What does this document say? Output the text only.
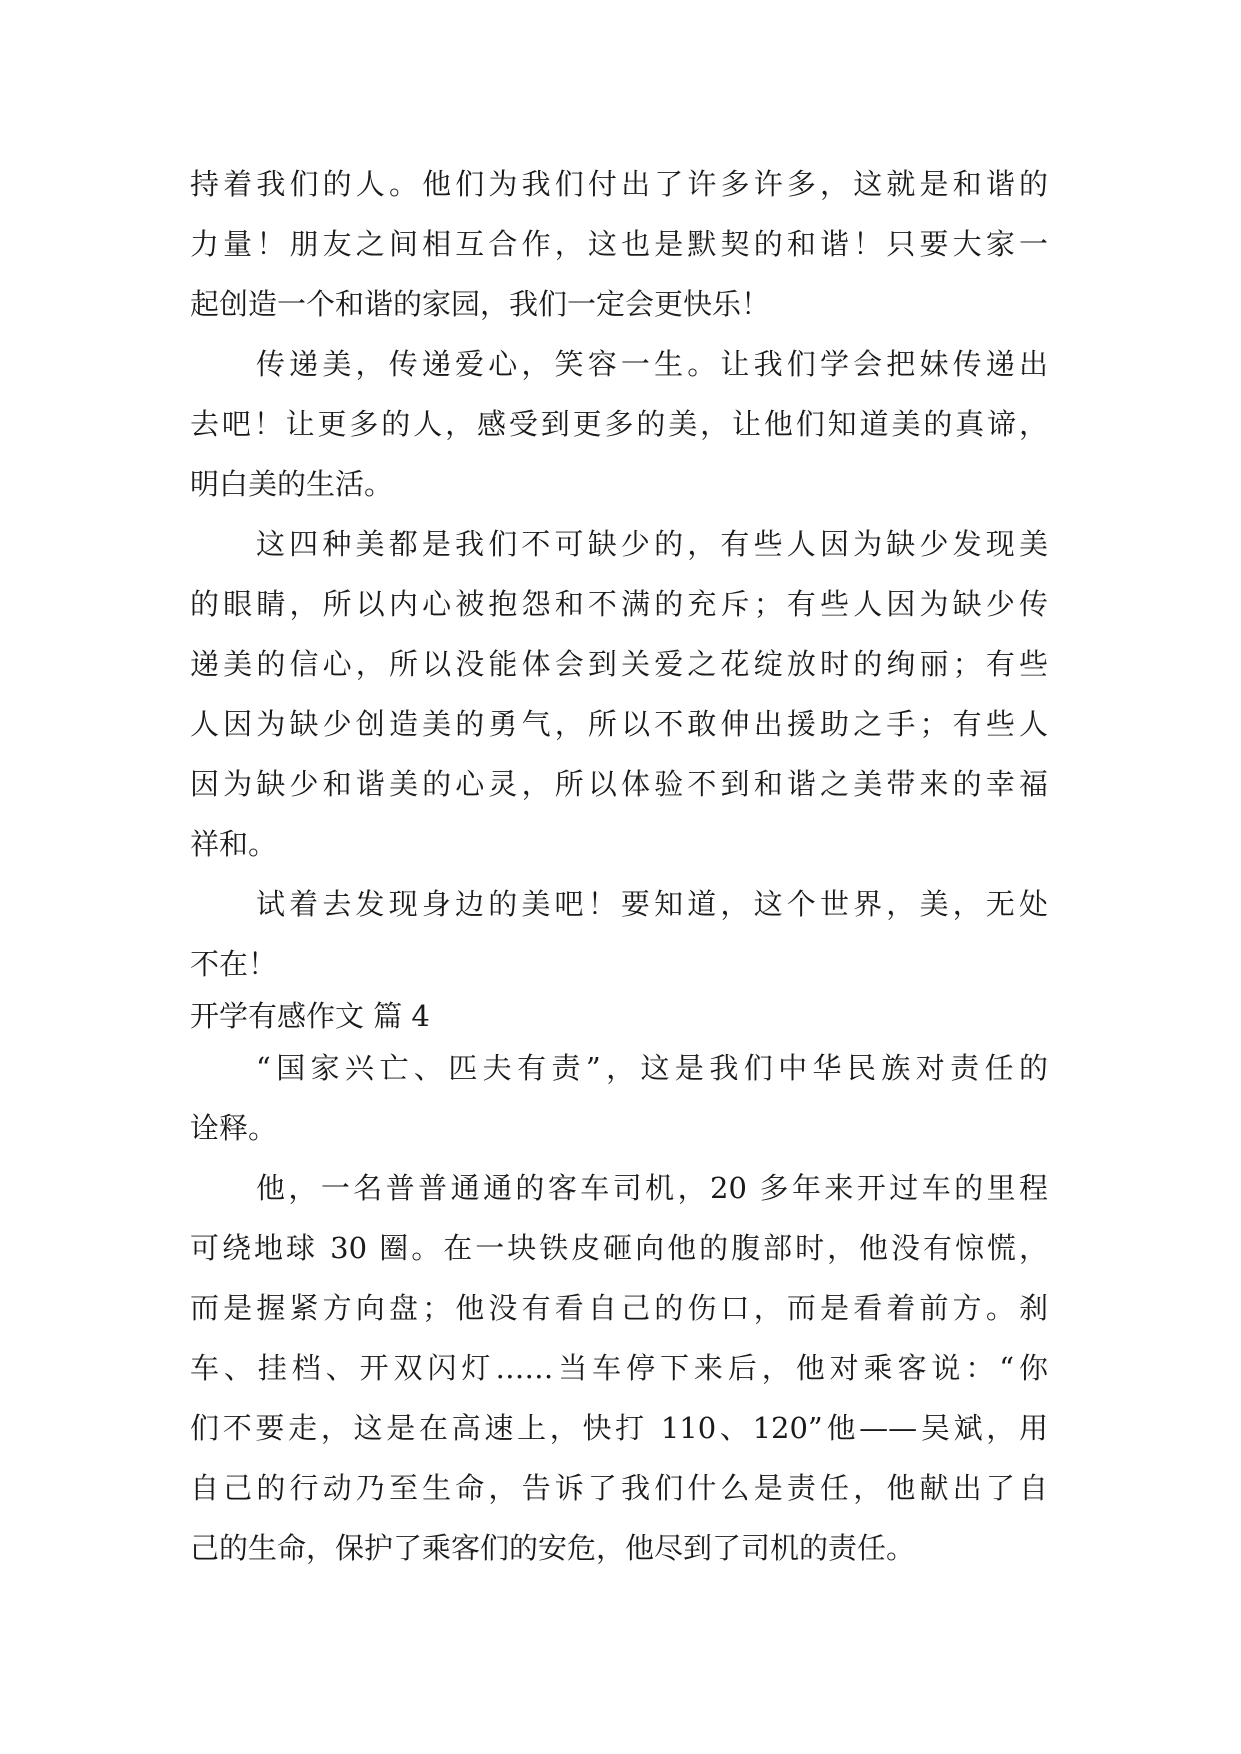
持着我们的人。他们为我们付出了许多许多，这就是和谐的

力量！朋友之间相互合作，这也是默契的和谐！只要大家一

起创造一个和谐的家园，我们一定会更快乐！

传递美，传递爱心，笑容一生。让我们学会把妹传递出

去吧！让更多的人，感受到更多的美，让他们知道美的真谛，

明白美的生活。

这四种美都是我们不可缺少的，有些人因为缺少发现美

的眼睛，所以内心被抱怨和不满的充斥；有些人因为缺少传

递美的信心，所以没能体会到关爱之花绽放时的绚丽；有些

人因为缺少创造美的勇气，所以不敢伸出援助之手；有些人

因为缺少和谐美的心灵，所以体验不到和谐之美带来的幸福

祥和。

试着去发现身边的美吧！要知道，这个世界，美，无处

不在！

开学有感作文 篇 4

“国家兴亡、匹夫有责”，这是我们中华民族对责任的

诠释。

他，一名普普通通的客车司机，20 多年来开过车的里程

可绕地球 30 圈。在一块铁皮砸向他的腹部时，他没有惊慌，

而是握紧方向盘；他没有看自己的伤口，而是看着前方。刹

车、挂档、开双闪灯……当车停下来后，他对乘客说：“你

们不要走，这是在高速上，快打 110、120”他——吴斌，用

自己的行动乃至生命，告诉了我们什么是责任，他献出了自

己的生命，保护了乘客们的安危，他尽到了司机的责任。
